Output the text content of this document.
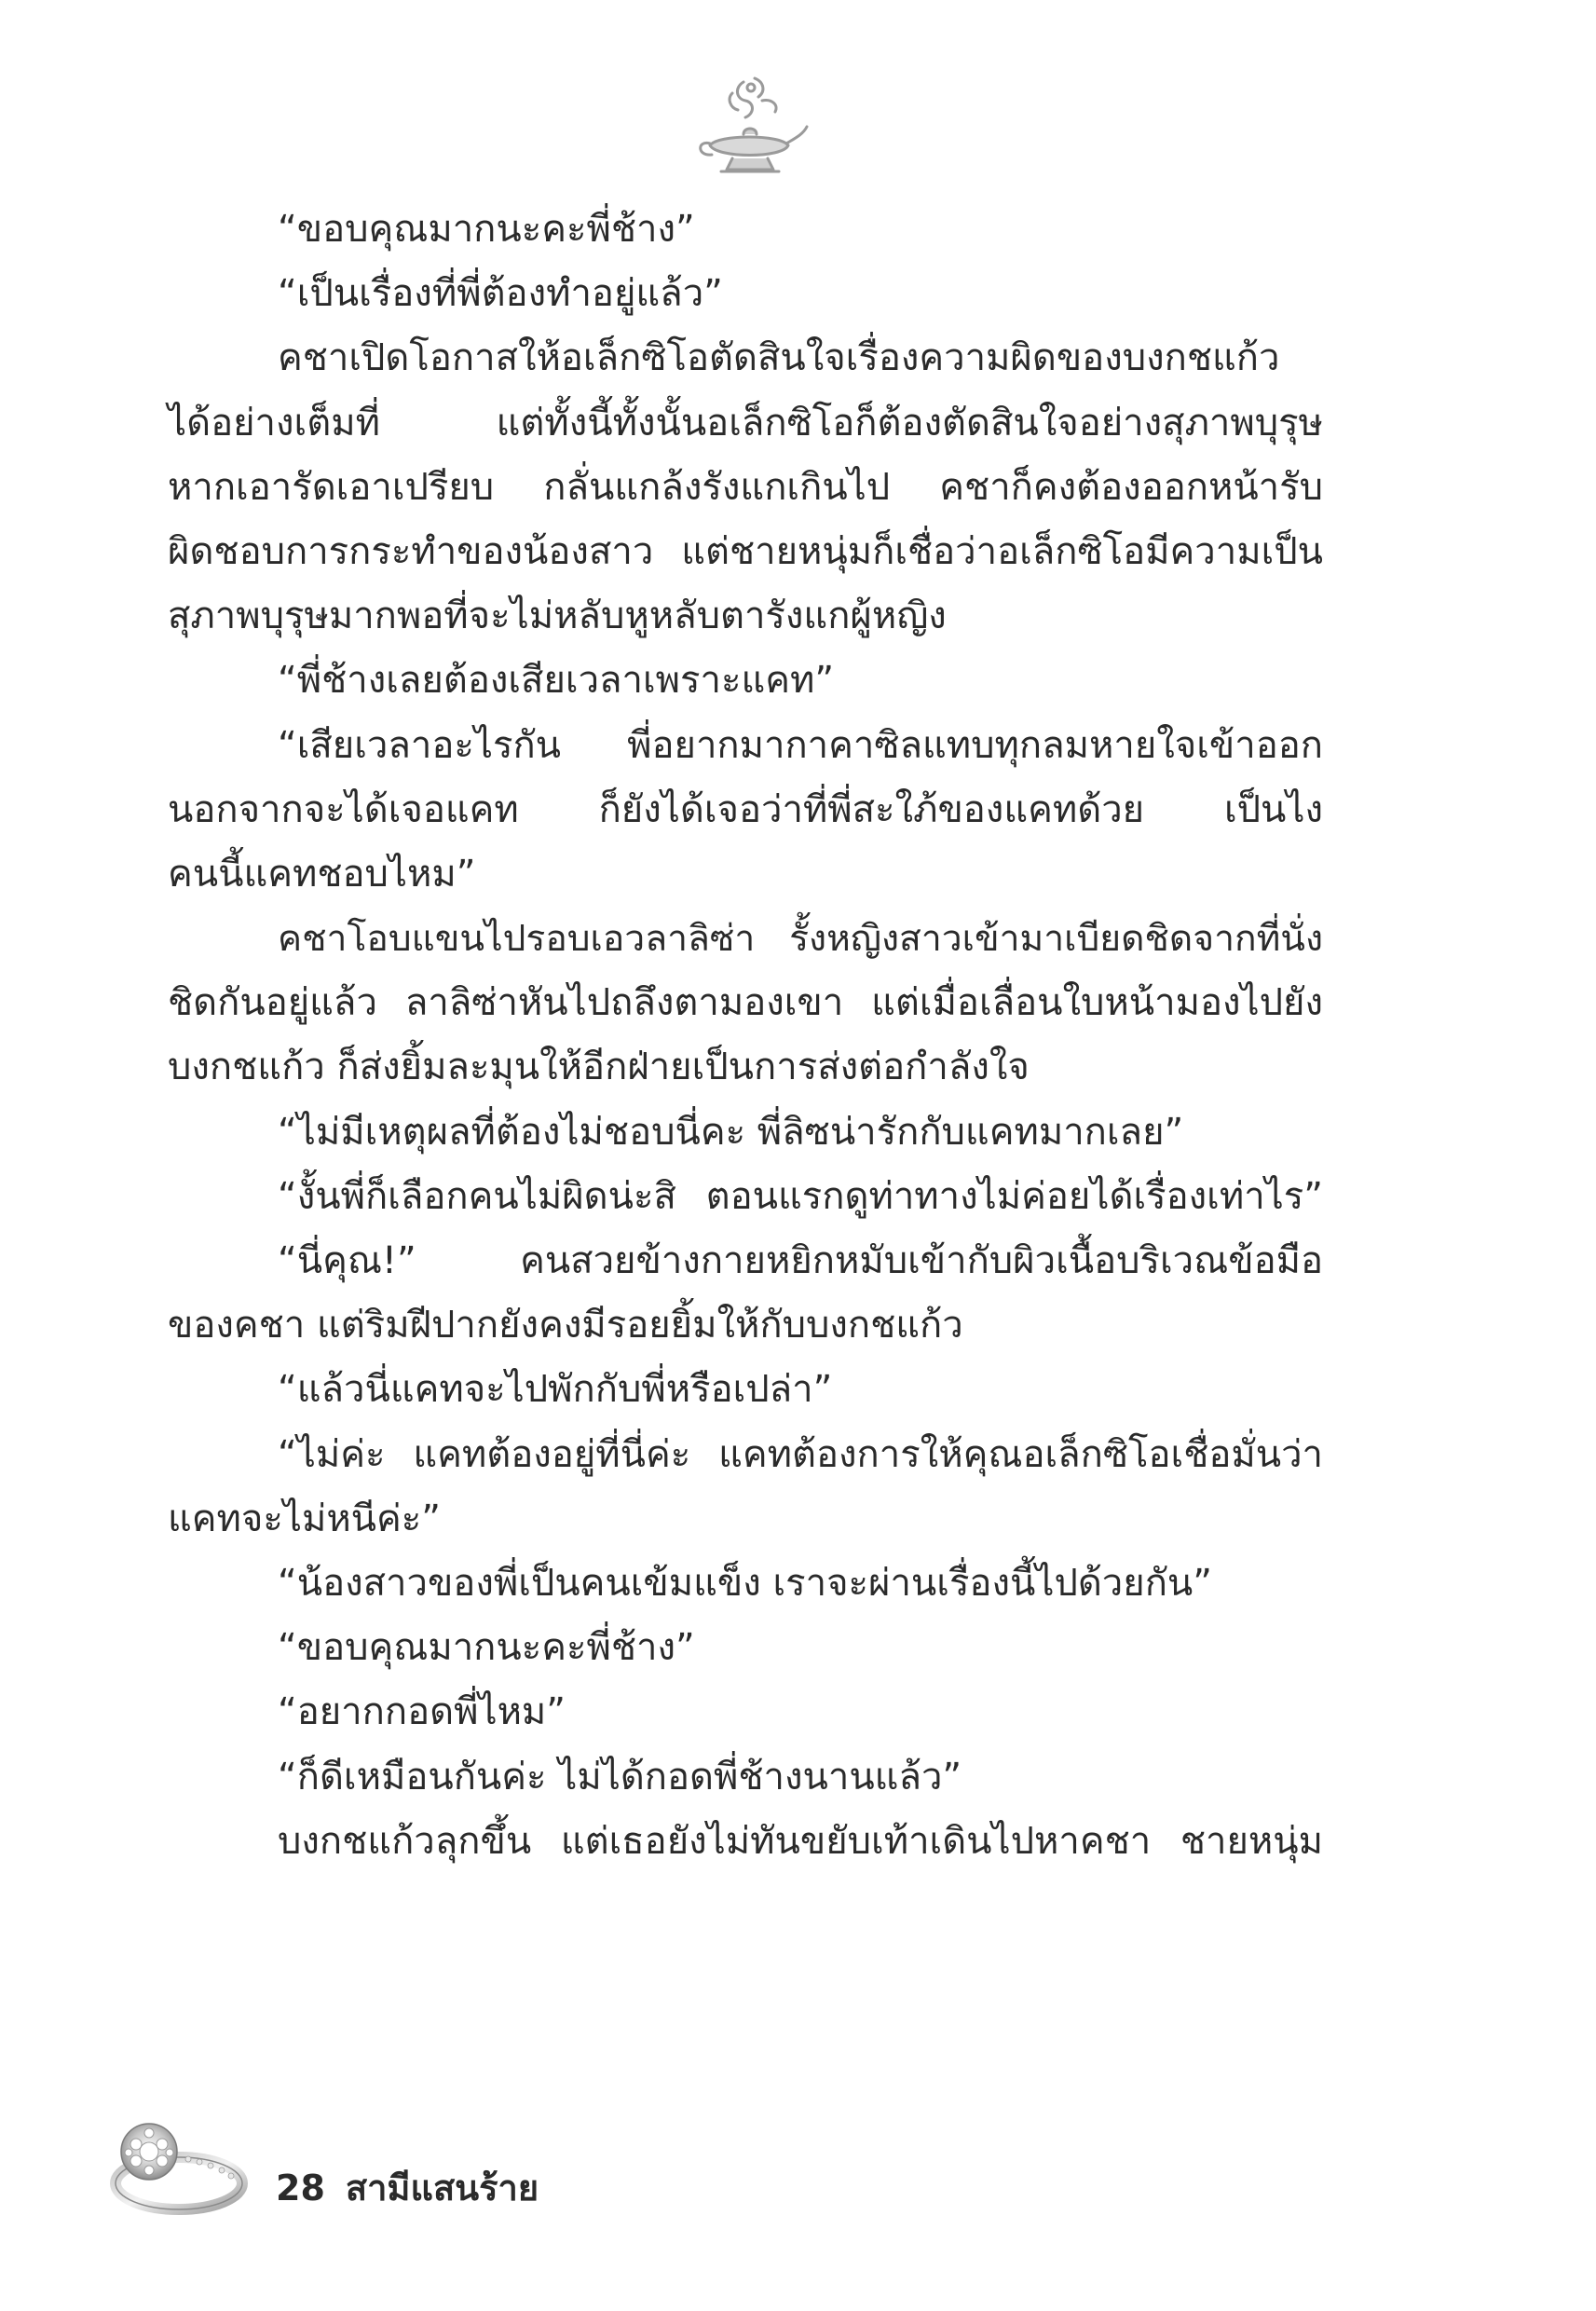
“ขอบคุณมากนะคะพี่ช้าง”
“เป็นเรื่องที่พี่ต้องทำอยู่แล้ว”
คชาเปิดโอกาสให้อเล็กซิโอตัดสินใจเรื่องความผิดของบงกชแก้ว
ได้อย่างเต็มที่ แต่ทั้งนี้ทั้งนั้นอเล็กซิโอก็ต้องตัดสินใจอย่างสุภาพบุรุษ
หากเอารัดเอาเปรียบ กลั่นแกล้งรังแกเกินไป คชาก็คงต้องออกหน้ารับ
ผิดชอบการกระทำของน้องสาว แต่ชายหนุ่มก็เชื่อว่าอเล็กซิโอมีความเป็น
สุภาพบุรุษมากพอที่จะไม่หลับหูหลับตารังแกผู้หญิง
“พี่ช้างเลยต้องเสียเวลาเพราะแคท”
“เสียเวลาอะไรกัน พี่อยากมากาคาซิลแทบทุกลมหายใจเข้าออก
นอกจากจะได้เจอแคท ก็ยังได้เจอว่าที่พี่สะใภ้ของแคทด้วย เป็นไง
คนนี้แคทชอบไหม”
คชาโอบแขนไปรอบเอวลาลิซ่า รั้งหญิงสาวเข้ามาเบียดชิดจากที่นั่ง
ชิดกันอยู่แล้ว ลาลิซ่าหันไปถลึงตามองเขา แต่เมื่อเลื่อนใบหน้ามองไปยัง
บงกชแก้ว ก็ส่งยิ้มละมุนให้อีกฝ่ายเป็นการส่งต่อกำลังใจ
“ไม่มีเหตุผลที่ต้องไม่ชอบนี่คะ พี่ลิซน่ารักกับแคทมากเลย”
“งั้นพี่ก็เลือกคนไม่ผิดน่ะสิ ตอนแรกดูท่าทางไม่ค่อยได้เรื่องเท่าไร”
“นี่คุณ!” คนสวยข้างกายหยิกหมับเข้ากับผิวเนื้อบริเวณข้อมือ
ของคชา แต่ริมฝีปากยังคงมีรอยยิ้มให้กับบงกชแก้ว
“แล้วนี่แคทจะไปพักกับพี่หรือเปล่า”
“ไม่ค่ะ แคทต้องอยู่ที่นี่ค่ะ แคทต้องการให้คุณอเล็กซิโอเชื่อมั่นว่า
แคทจะไม่หนีค่ะ”
“น้องสาวของพี่เป็นคนเข้มแข็ง เราจะผ่านเรื่องนี้ไปด้วยกัน”
“ขอบคุณมากนะคะพี่ช้าง”
“อยากกอดพี่ไหม”
“ก็ดีเหมือนกันค่ะ ไม่ได้กอดพี่ช้างนานแล้ว”
บงกชแก้วลุกขึ้น แต่เธอยังไม่ทันขยับเท้าเดินไปหาคชา ชายหนุ่ม
28 สามีแสนร้าย
